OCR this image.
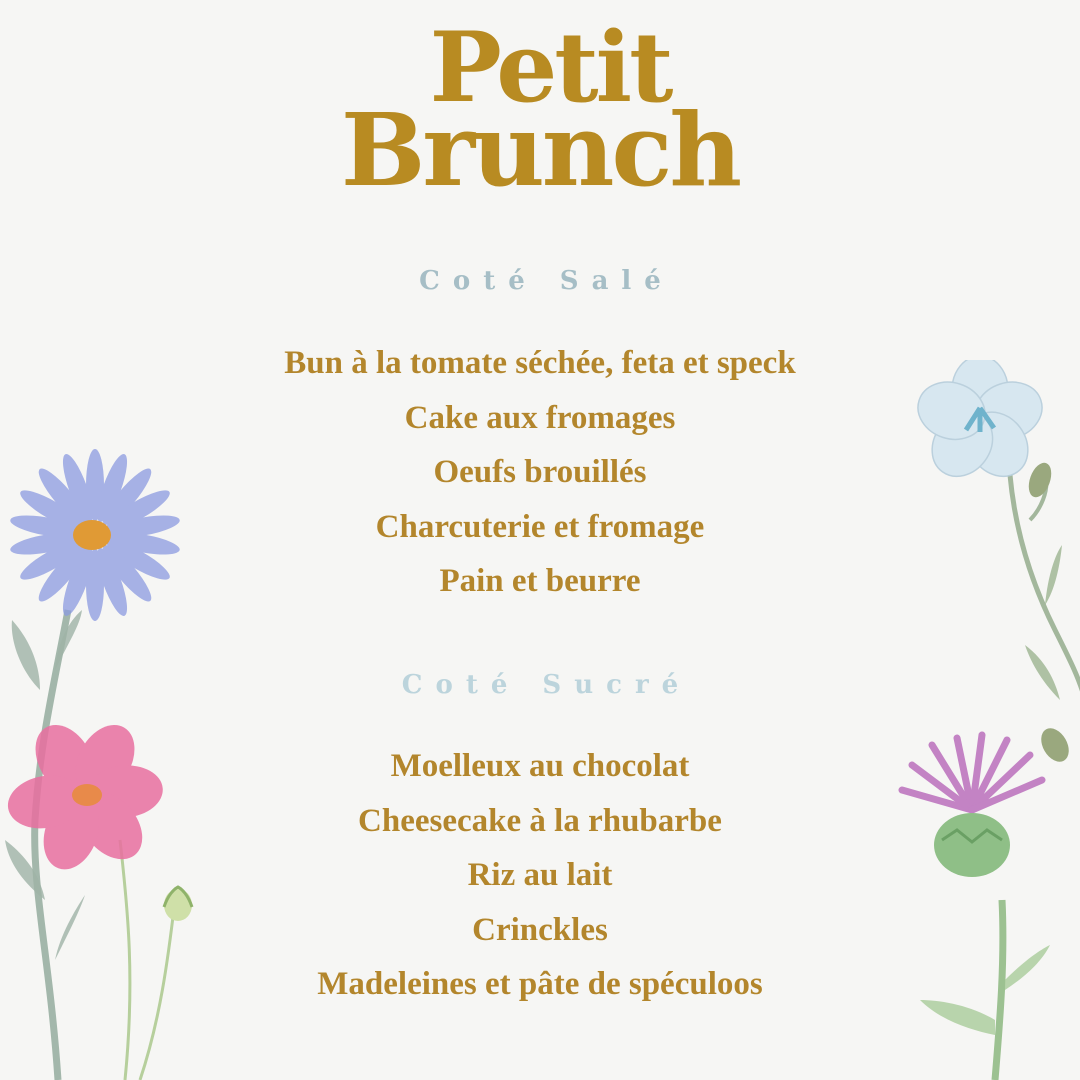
Petit
Brunch
Coté Salé
Bun à la tomate séchée, feta et speck
Cake aux fromages
Oeufs brouillés
Charcuterie et fromage
Pain et beurre
Coté Sucré
Moelleux au chocolat
Cheesecake à la rhubarbe
Riz au lait
Crinckles
Madeleines et pâte de spéculoos
